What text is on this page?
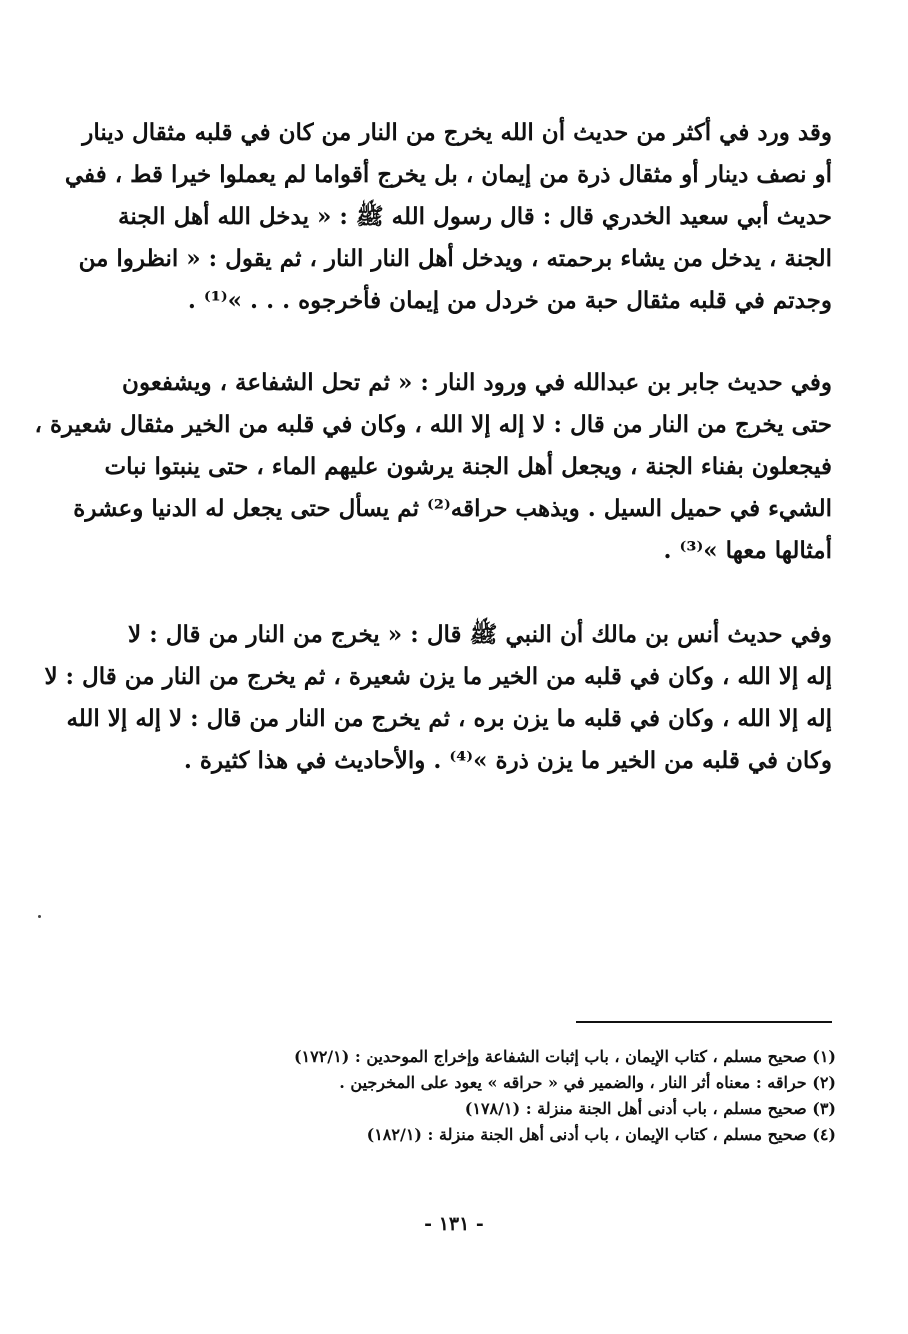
وقد ورد في أكثر من حديث أن الله يخرج من النار من كان في قلبه مثقال دينار
أو نصف دينار أو مثقال ذرة من إيمان ، بل يخرج أقواما لم يعملوا خيرا قط ، ففي
حديث أبي سعيد الخدري قال : قال رسول الله ﷺ : « يدخل الله أهل الجنة
الجنة ، يدخل من يشاء برحمته ، ويدخل أهل النار النار ، ثم يقول : « انظروا من
وجدتم في قلبه مثقال حبة من خردل من إيمان فأخرجوه . . . »⁽¹⁾ .

وفي حديث جابر بن عبدالله في ورود النار : « ثم تحل الشفاعة ، ويشفعون
حتى يخرج من النار من قال : لا إله إلا الله ، وكان في قلبه من الخير مثقال شعيرة ،
فيجعلون بفناء الجنة ، ويجعل أهل الجنة يرشون عليهم الماء ، حتى ينبتوا نبات
الشيء في حميل السيل . ويذهب حراقه⁽²⁾ ثم يسأل حتى يجعل له الدنيا وعشرة
أمثالها معها »⁽³⁾ .

وفي حديث أنس بن مالك أن النبي ﷺ قال : « يخرج من النار من قال : لا
إله إلا الله ، وكان في قلبه من الخير ما يزن شعيرة ، ثم يخرج من النار من قال : لا
إله إلا الله ، وكان في قلبه ما يزن بره ، ثم يخرج من النار من قال : لا إله إلا الله
وكان في قلبه من الخير ما يزن ذرة »⁽⁴⁾ . والأحاديث في هذا كثيرة .

(١) صحيح مسلم ، كتاب الإيمان ، باب إثبات الشفاعة وإخراج الموحدين : (١٧٢/١)
(٢) حراقه : معناه أثر النار ، والضمير في « حراقه » يعود على المخرجين .
(٣) صحيح مسلم ، باب أدنى أهل الجنة منزلة : (١٧٨/١)
(٤) صحيح مسلم ، كتاب الإيمان ، باب أدنى أهل الجنة منزلة : (١٨٢/١)
- ١٣١ -
